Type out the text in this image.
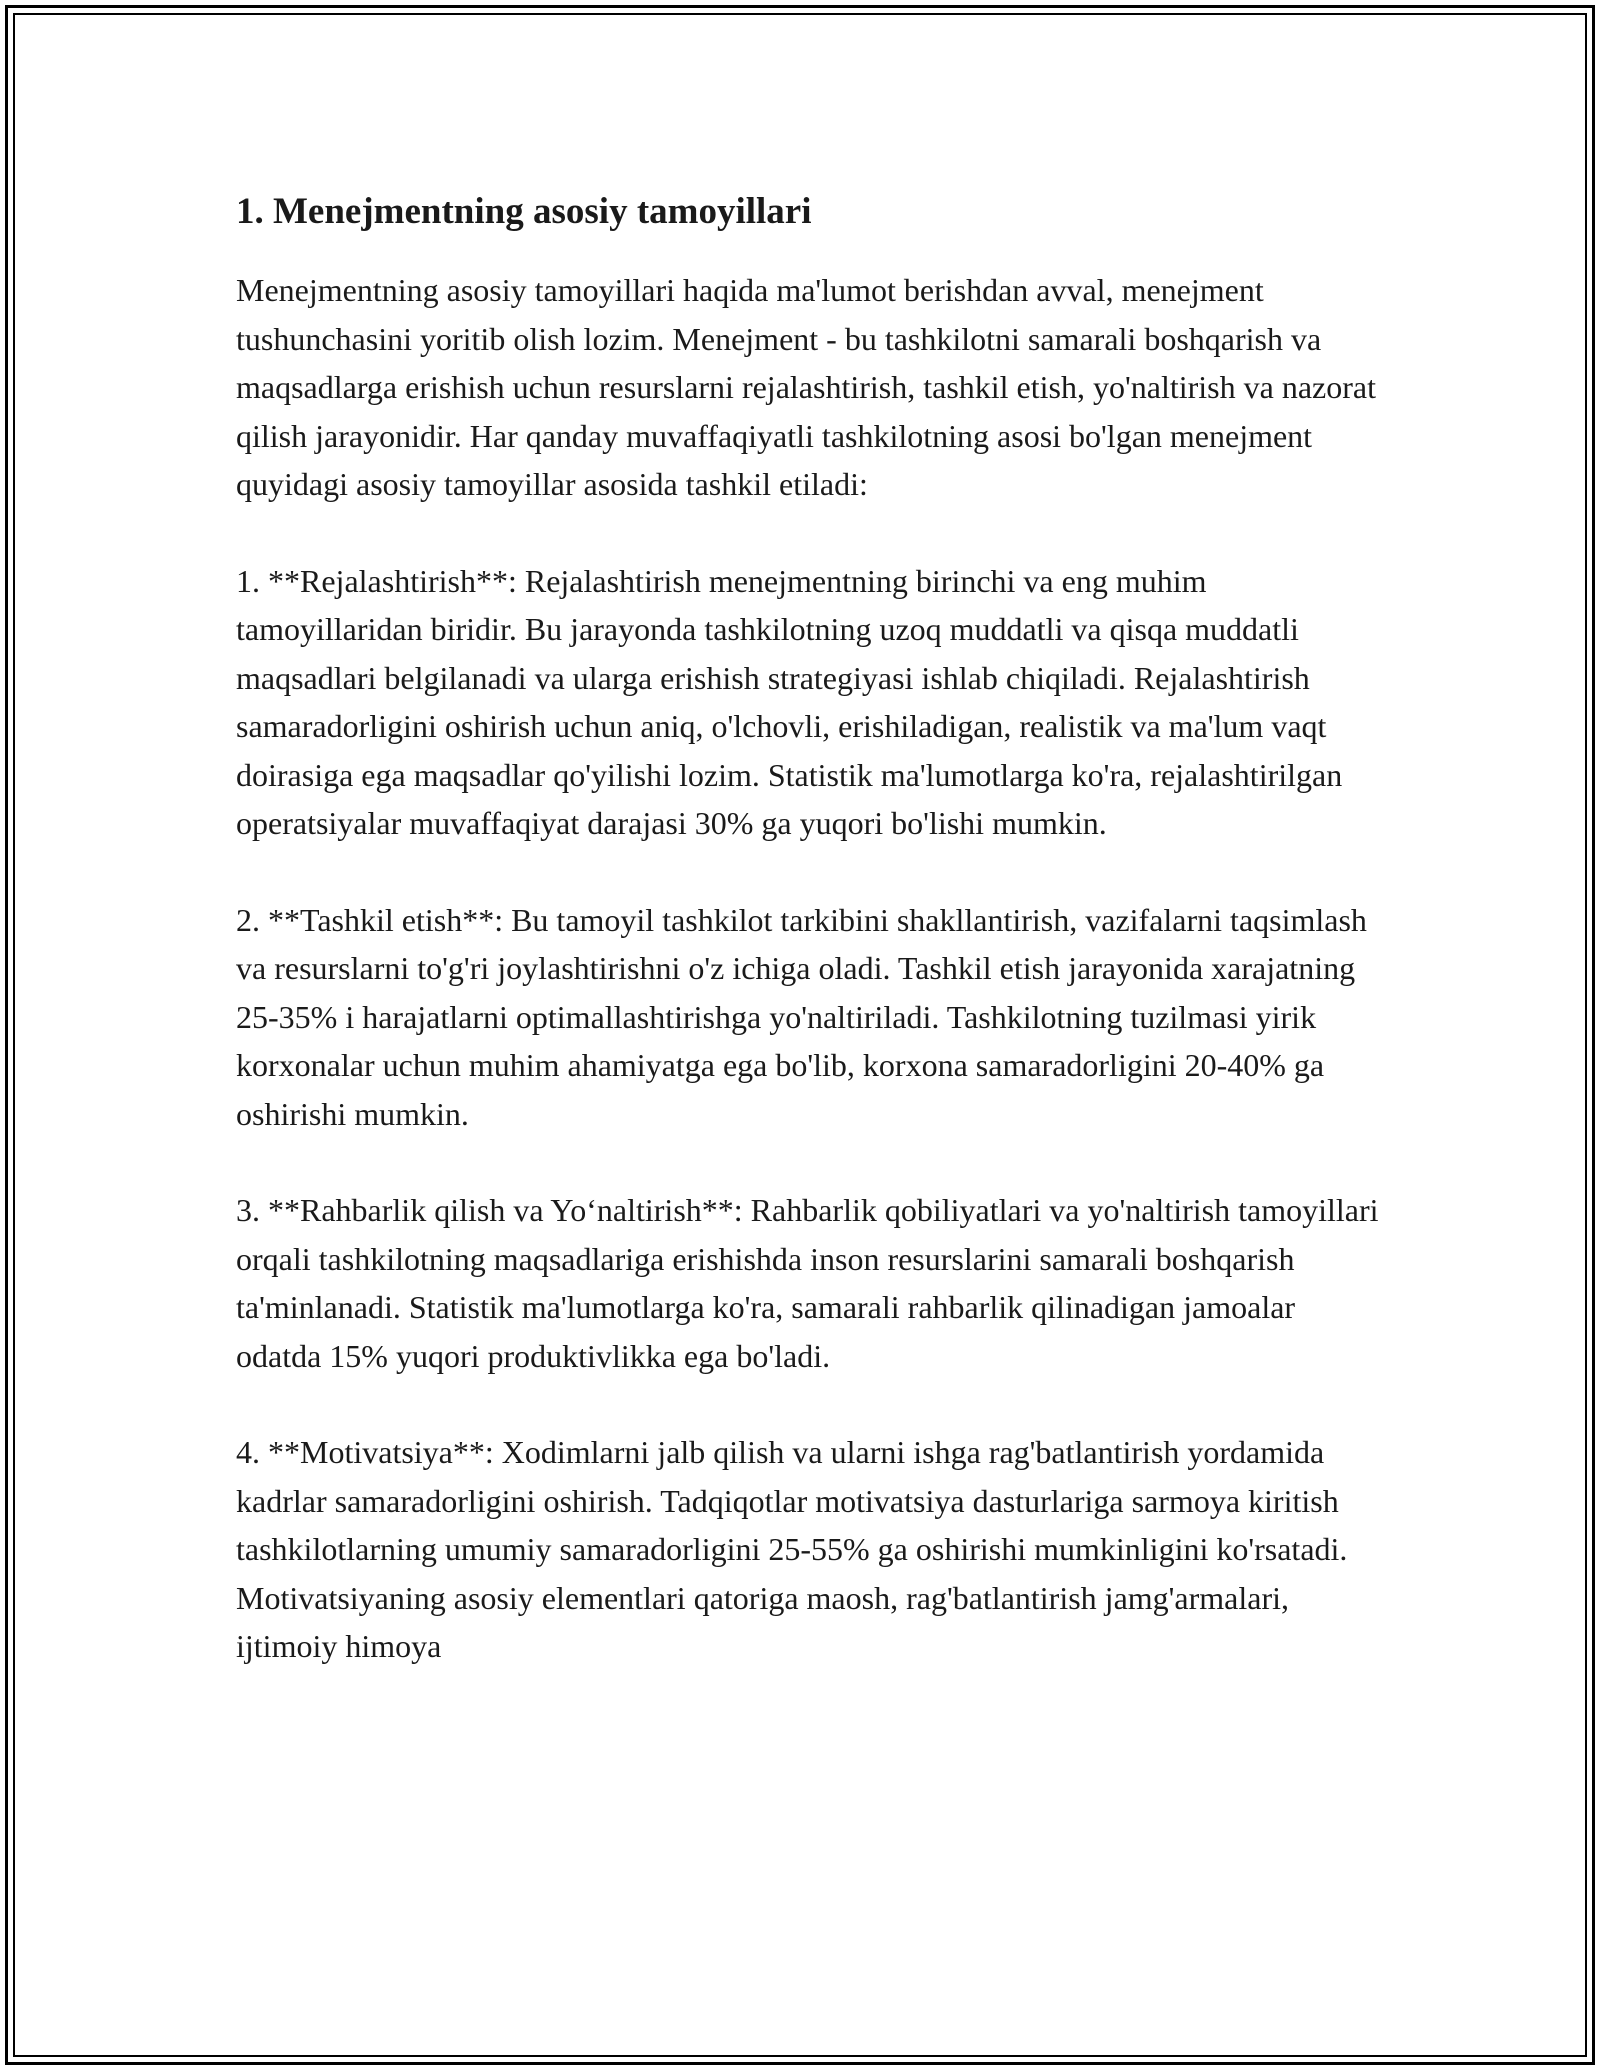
1. Menejmentning asosiy tamoyillari

Menejmentning asosiy tamoyillari haqida ma'lumot berishdan avval, menejment tushunchasini yoritib olish lozim. Menejment - bu tashkilotni samarali boshqarish va maqsadlarga erishish uchun resurslarni rejalashtirish, tashkil etish, yo'naltirish va nazorat qilish jarayonidir. Har qanday muvaffaqiyatli tashkilotning asosi bo'lgan menejment quyidagi asosiy tamoyillar asosida tashkil etiladi:

1. **Rejalashtirish**: Rejalashtirish menejmentning birinchi va eng muhim tamoyillaridan biridir. Bu jarayonda tashkilotning uzoq muddatli va qisqa muddatli maqsadlari belgilanadi va ularga erishish strategiyasi ishlab chiqiladi. Rejalashtirish samaradorligini oshirish uchun aniq, o'lchovli, erishiladigan, realistik va ma'lum vaqt doirasiga ega maqsadlar qo'yilishi lozim. Statistik ma'lumotlarga ko'ra, rejalashtirilgan operatsiyalar muvaffaqiyat darajasi 30% ga yuqori bo'lishi mumkin.

2. **Tashkil etish**: Bu tamoyil tashkilot tarkibini shakllantirish, vazifalarni taqsimlash va resurslarni to'g'ri joylashtirishni o'z ichiga oladi. Tashkil etish jarayonida xarajatning 25-35% i harajatlarni optimallashtirishga yo'naltiriladi. Tashkilotning tuzilmasi yirik korxonalar uchun muhim ahamiyatga ega bo'lib, korxona samaradorligini 20-40% ga oshirishi mumkin.

3. **Rahbarlik qilish va Yo‘naltirish**: Rahbarlik qobiliyatlari va yo'naltirish tamoyillari orqali tashkilotning maqsadlariga erishishda inson resurslarini samarali boshqarish ta'minlanadi. Statistik ma'lumotlarga ko'ra, samarali rahbarlik qilinadigan jamoalar odatda 15% yuqori produktivlikka ega bo'ladi.

4. **Motivatsiya**: Xodimlarni jalb qilish va ularni ishga rag'batlantirish yordamida kadrlar samaradorligini oshirish. Tadqiqotlar motivatsiya dasturlariga sarmoya kiritish tashkilotlarning umumiy samaradorligini 25-55% ga oshirishi mumkinligini ko'rsatadi. Motivatsiyaning asosiy elementlari qatoriga maosh, rag'batlantirish jamg'armalari, ijtimoiy himoya
